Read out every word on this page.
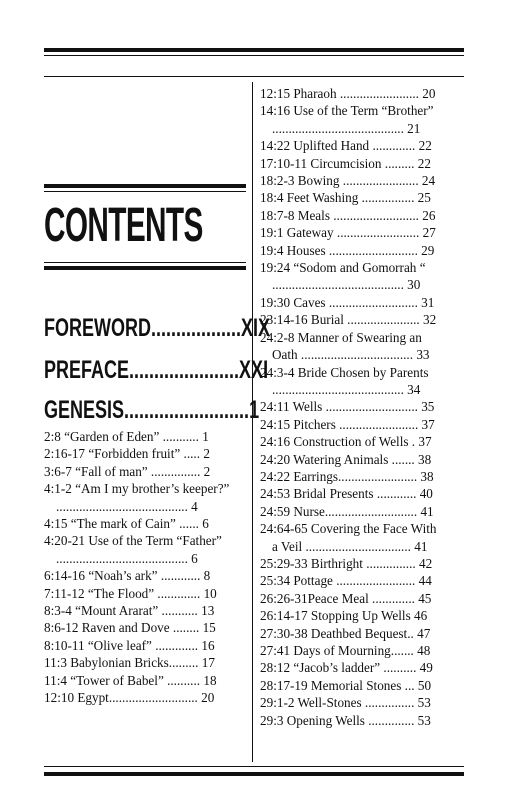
CONTENTS
FOREWORD..................XIX
PREFACE......................XXI
GENESIS.........................1
2:8 “Garden of Eden” ........... 1
2:16-17 “Forbidden fruit” ..... 2
3:6-7 “Fall of man” ............... 2
4:1-2 “Am I my brother’s keeper?”
........................................ 4
4:15 “The mark of Cain” ...... 6
4:20-21 Use of the Term “Father”
........................................ 6
6:14-16 “Noah’s ark” ............ 8
7:11-12 “The Flood” ............. 10
8:3-4 “Mount Ararat” ........... 13
8:6-12 Raven and Dove ........ 15
8:10-11 “Olive leaf” ............. 16
11:3 Babylonian Bricks......... 17
11:4 “Tower of Babel” .......... 18
12:10 Egypt........................... 20
12:15 Pharaoh ........................ 20
14:16 Use of the Term “Brother”
........................................ 21
14:22 Uplifted Hand ............. 22
17:10-11 Circumcision ......... 22
18:2-3 Bowing ....................... 24
18:4 Feet Washing ................ 25
18:7-8 Meals .......................... 26
19:1 Gateway ......................... 27
19:4 Houses ........................... 29
19:24 “Sodom and Gomorrah “
........................................ 30
19:30 Caves ........................... 31
23:14-16 Burial ...................... 32
24:2-8 Manner of Swearing an
Oath .................................. 33
24:3-4 Bride Chosen by Parents
........................................ 34
24:11 Wells ............................ 35
24:15 Pitchers ........................ 37
24:16 Construction of Wells . 37
24:20 Watering Animals ....... 38
24:22 Earrings........................ 38
24:53 Bridal Presents ............ 40
24:59 Nurse............................ 41
24:64-65 Covering the Face With
a Veil ................................ 41
25:29-33 Birthright ............... 42
25:34 Pottage ........................ 44
26:26-31Peace Meal ............. 45
26:14-17 Stopping Up Wells 46
27:30-38 Deathbed Bequest.. 47
27:41 Days of Mourning....... 48
28:12 “Jacob’s ladder” .......... 49
28:17-19 Memorial Stones ... 50
29:1-2 Well-Stones ............... 53
29:3 Opening Wells .............. 53
